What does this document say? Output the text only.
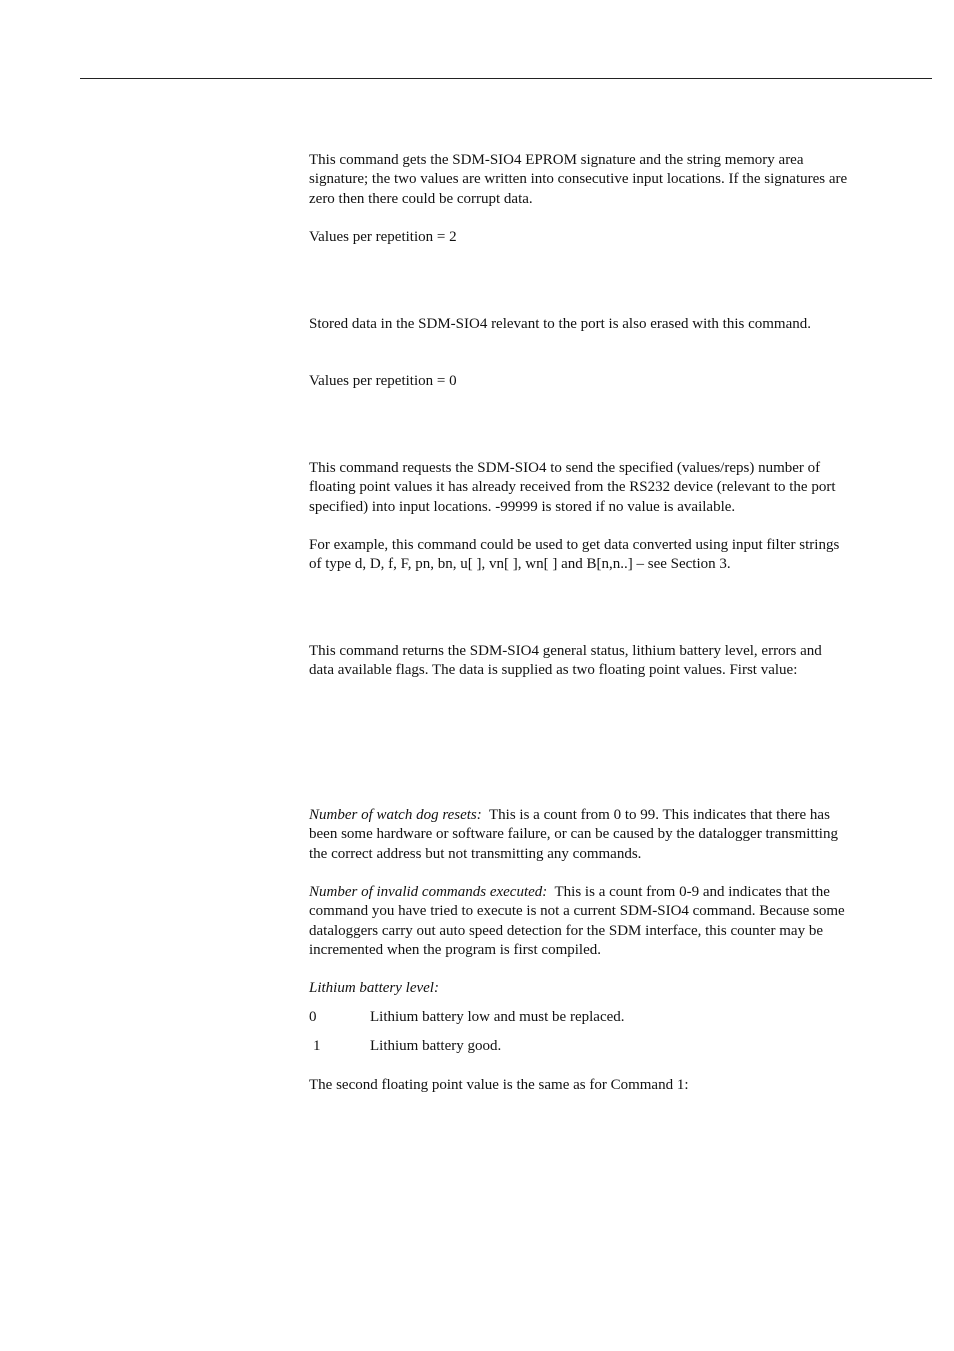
This command gets the SDM-SIO4 EPROM signature and the string memory area signature; the two values are written into consecutive input locations. If the signatures are zero then there could be corrupt data.

Values per repetition = 2

Stored data in the SDM-SIO4 relevant to the port is also erased with this command.

Values per repetition = 0

This command requests the SDM-SIO4 to send the specified (values/reps) number of floating point values it has already received from the RS232 device (relevant to the port specified) into input locations. -99999 is stored if no value is available.

For example, this command could be used to get data converted using input filter strings of type d, D, f, F, pn, bn, u[ ], vn[ ], wn[ ] and B[n,n..] – see Section 3.

This command returns the SDM-SIO4 general status, lithium battery level, errors and data available flags. The data is supplied as two floating point values. First value:

Number of watch dog resets: This is a count from 0 to 99. This indicates that there has been some hardware or software failure, or can be caused by the datalogger transmitting the correct address but not transmitting any commands.

Number of invalid commands executed: This is a count from 0-9 and indicates that the command you have tried to execute is not a current SDM-SIO4 command. Because some dataloggers carry out auto speed detection for the SDM interface, this counter may be incremented when the program is first compiled.

Lithium battery level:

0	Lithium battery low and must be replaced.
1	Lithium battery good.

The second floating point value is the same as for Command 1:
